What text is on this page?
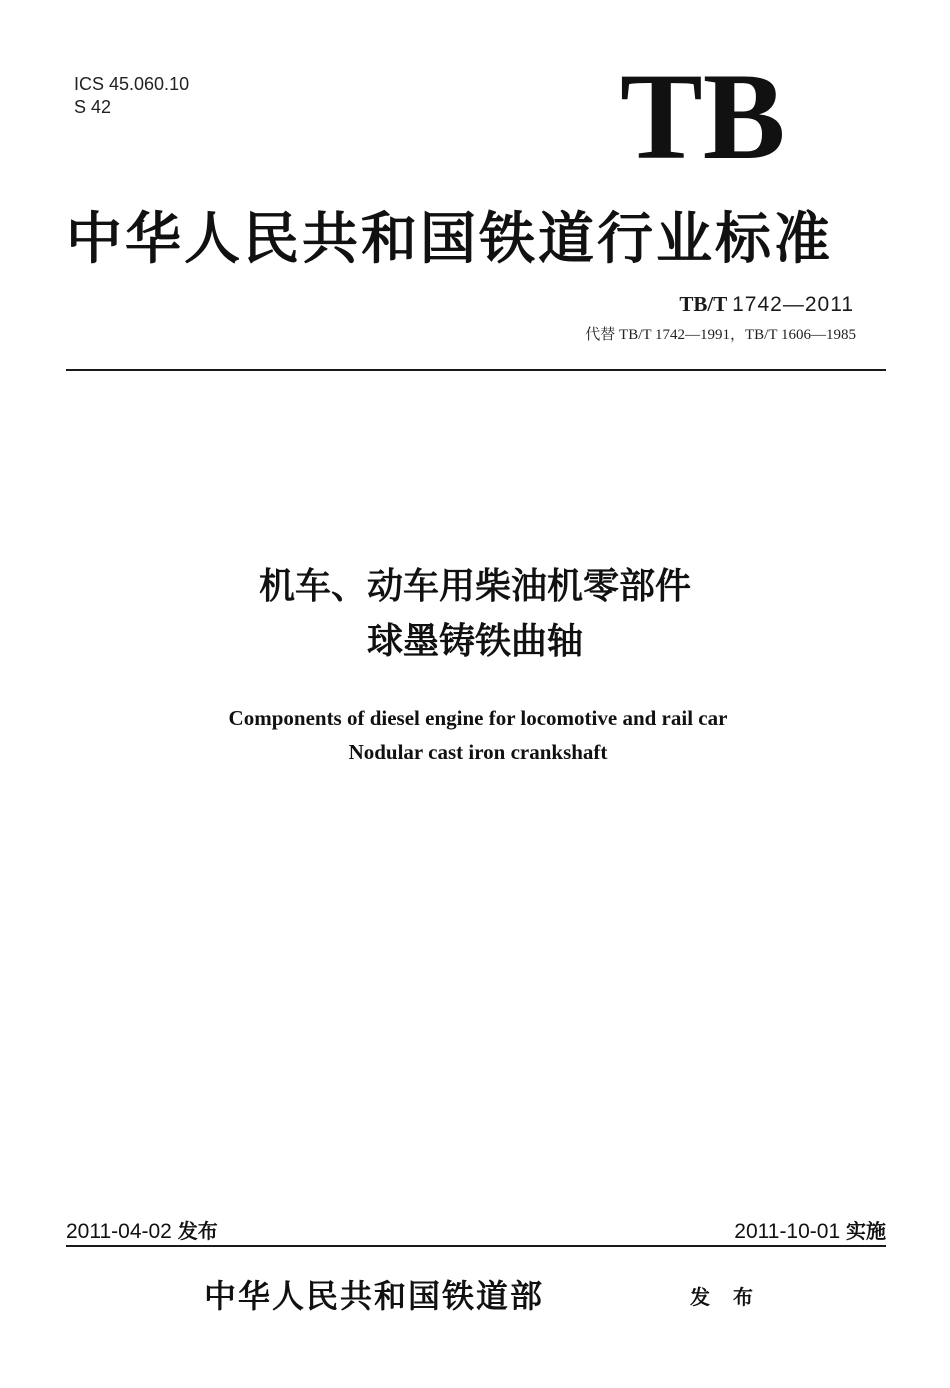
ICS 45.060.10
S 42	TB
中华人民共和国铁道行业标准
TB/T 1742—2011
代替 TB/T 1742—1991，TB/T 1606—1985
机车、动车用柴油机零部件
球墨铸铁曲轴
Components of diesel engine for locomotive and rail car
Nodular cast iron crankshaft
2011-04-02 发布	2011-10-01 实施
中华人民共和国铁道部	发 布
